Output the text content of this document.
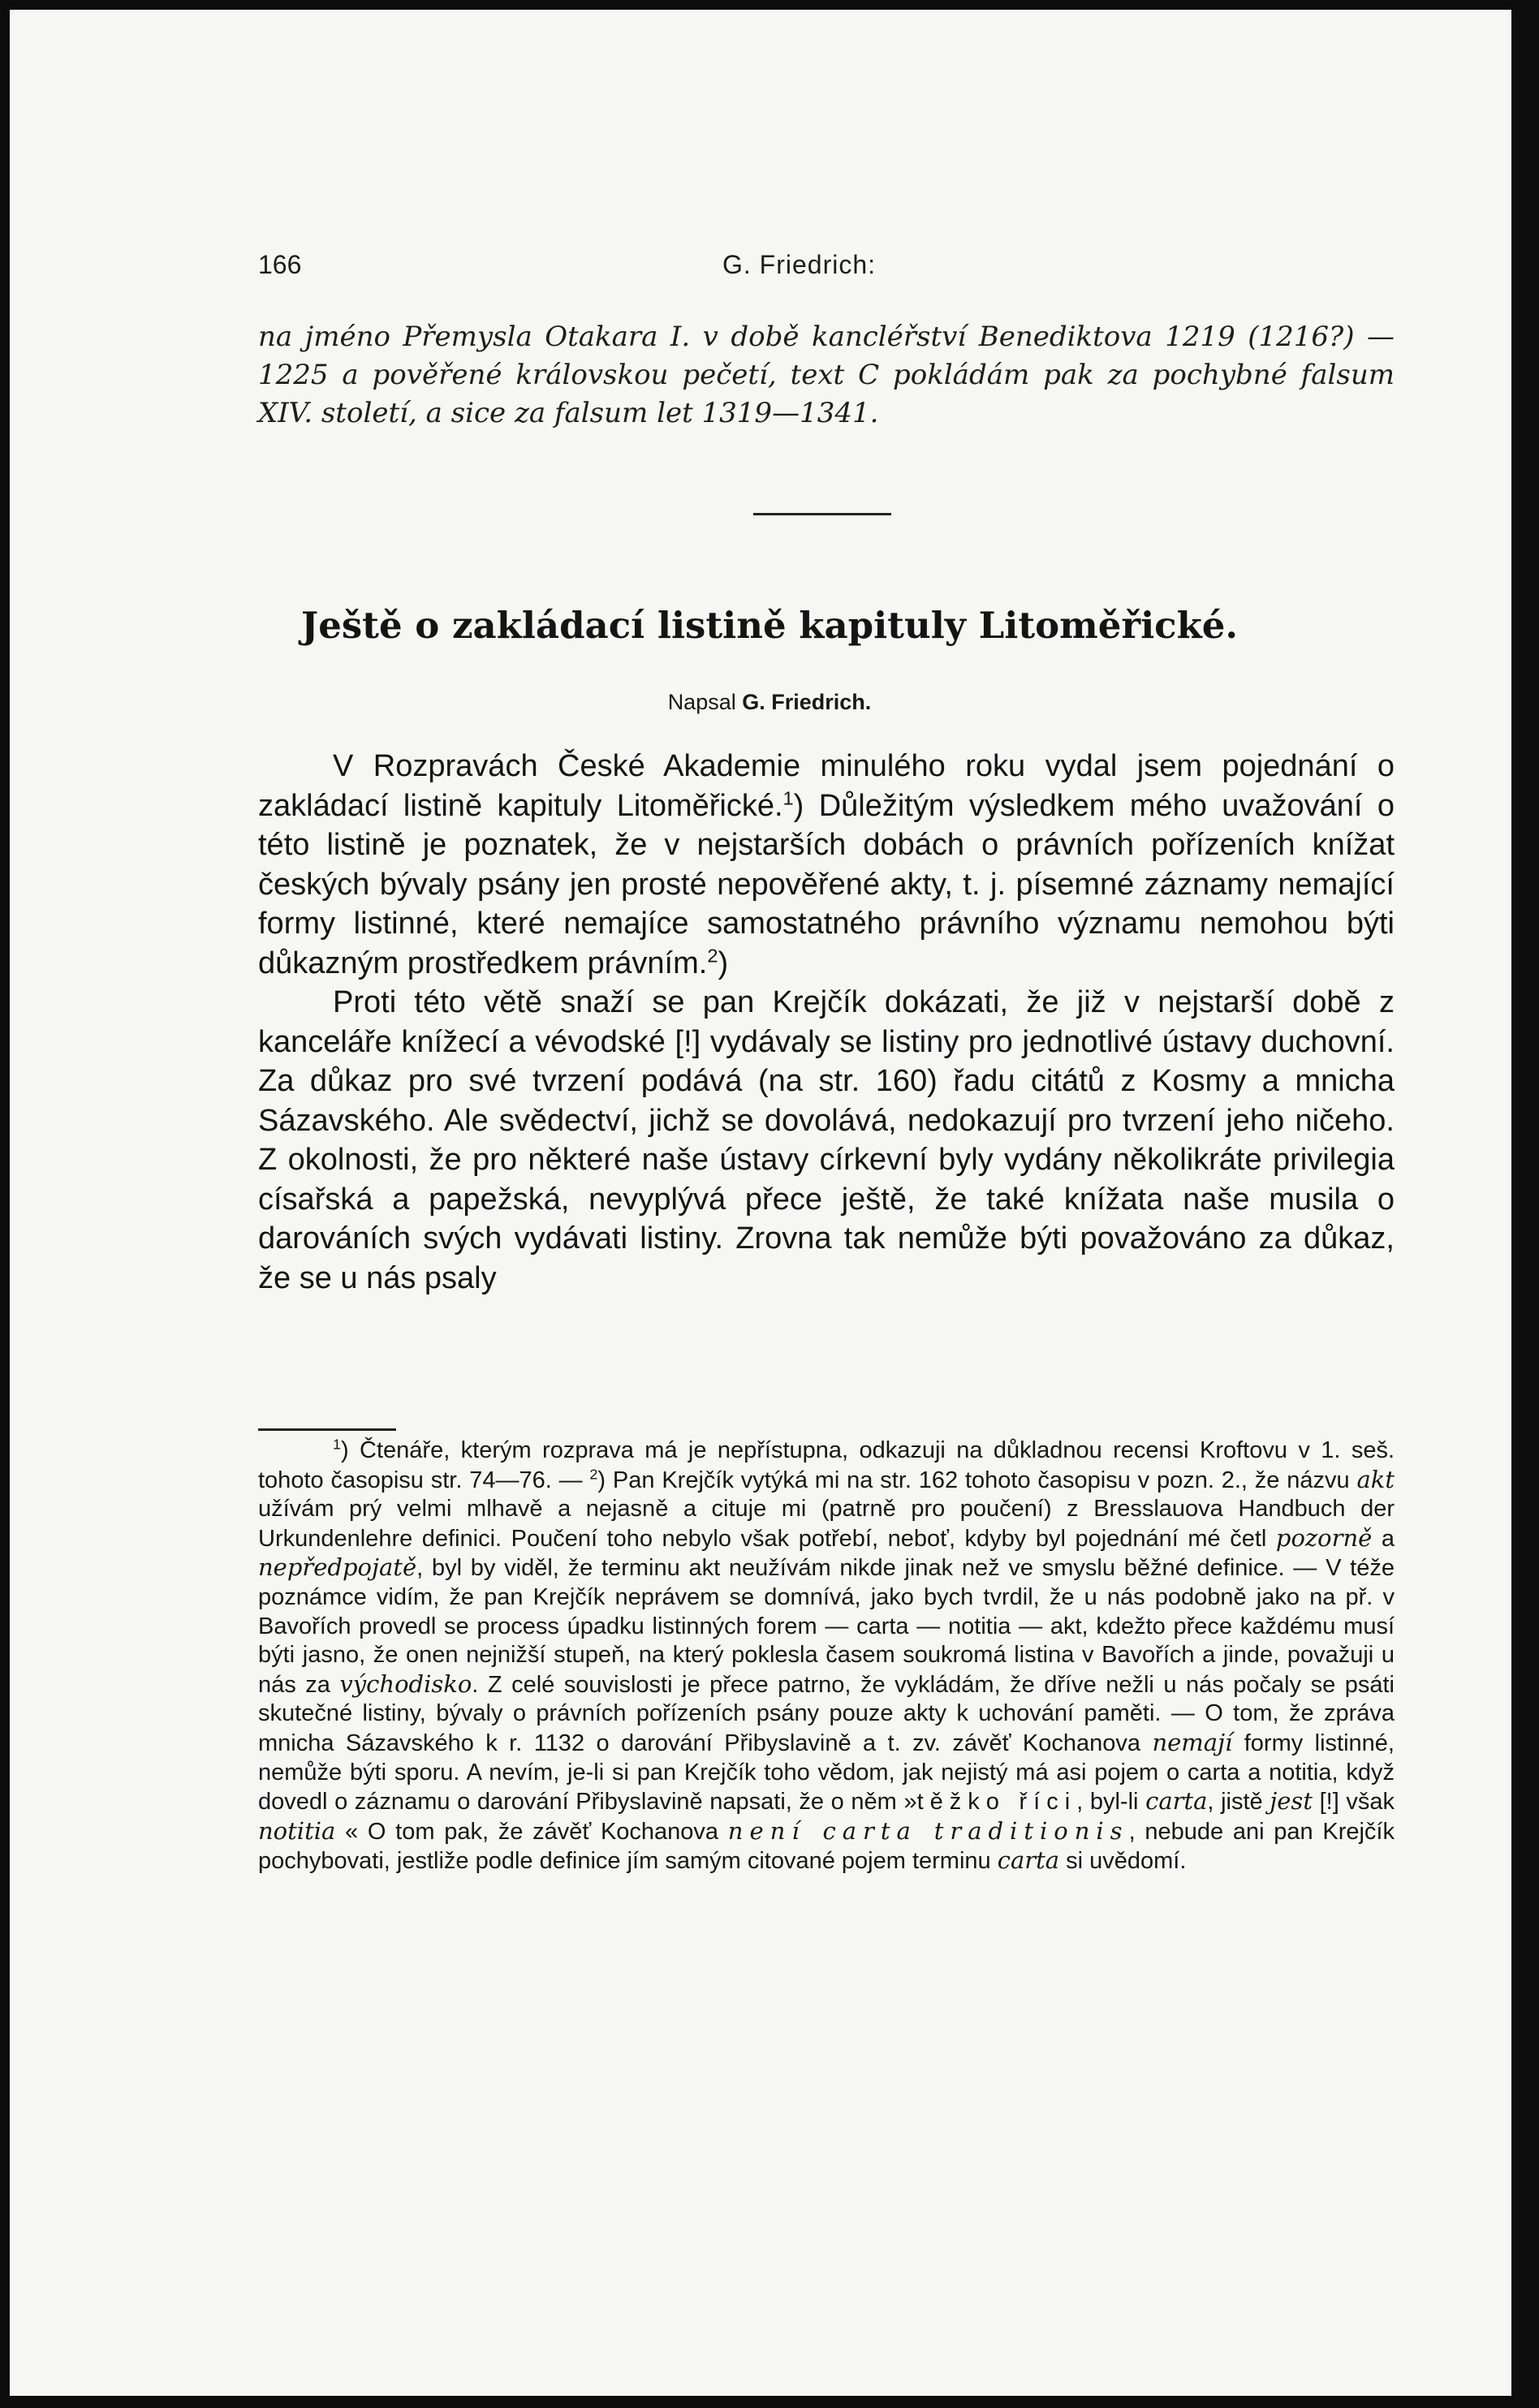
166	G. Friedrich:
na jméno Přemysla Otakara I. v době kancléřství Benediktova 1219 (1216?) — 1225 a pověřené královskou pečetí, text C pokládám pak za pochybné falsum XIV. století, a sice za falsum let 1319—1341.
Ještě o zakládací listině kapituly Litoměřické.
Napsal G. Friedrich.

V Rozpravách České Akademie minulého roku vydal jsem pojednání o zakládací listině kapituly Litoměřické.$^1$) Důležitým výsledkem mého uvažování o této listině je poznatek, že v nejstarších dobách o právních pořízeních knížat českých bývaly psány jen prosté nepověřené akty, t. j. písemné záznamy nemající formy listinné, které nemajíce samostatného právního významu nemohou býti důkazným prostředkem právním.$^2$)

Proti této větě snaží se pan Krejčík dokázati, že již v nejstarší době z kanceláře knížecí a vévodské [!] vydávaly se listiny pro jednotlivé ústavy duchovní. Za důkaz pro své tvrzení podává (na str. 160) řadu citátů z Kosmy a mnicha Sázavského. Ale svědectví, jichž se dovolává, nedokazují pro tvrzení jeho ničeho. Z okolnosti, že pro některé naše ústavy církevní byly vydány několikráte privilegia císařská a papežská, nevyplývá přece ještě, že také knížata naše musila o darováních svých vydávati listiny. Zrovna tak nemůže býti považováno za důkaz, že se u nás psaly

$^1$) Čtenáře, kterým rozprava má je nepřístupna, odkazuji na důkladnou recensi Kroftovu v 1. seš. tohoto časopisu str. 74—76. — $^2$) Pan Krejčík vytýká mi na str. 162 tohoto časopisu v pozn. 2., že názvu akt užívám prý velmi mlhavě a nejasně a cituje mi (patrně pro poučení) z Bresslauova Handbuch der Urkundenlehre definici. Poučení toho nebylo však potřebí, neboť, kdyby byl pojednání mé četl pozorně a nepředpojatě, byl by viděl, že terminu akt neužívám nikde jinak než ve smyslu běžné definice. — V téže poznámce vidím, že pan Krejčík neprávem se domnívá, jako bych tvrdil, že u nás podobně jako na př. v Bavořích provedl se process úpadku listinných forem — carta — notitia — akt, kdežto přece každému musí býti jasno, že onen nejnižší stupeň, na který poklesla časem soukromá listina v Bavořích a jinde, považuji u nás za východisko. Z celé souvislosti je přece patrno, že vykládám, že dříve nežli u nás počaly se psáti skutečné listiny, bývaly o právních pořízeních psány pouze akty k uchování paměti. — O tom, že zpráva mnicha Sázavského k r. 1132 o darování Přibyslavině a t. zv. závěť Kochanova nemají formy listinné, nemůže býti sporu. A nevím, je-li si pan Krejčík toho vědom, jak nejistý má asi pojem o carta a notitia, když dovedl o záznamu o darování Přibyslavině napsati, že o něm »těžko říci, byl-li carta, jistě jest [!] však notitia « O tom pak, že závěť Kochanova není carta traditionis, nebude ani pan Krejčík pochybovati, jestliže podle definice jím samým citované pojem terminu carta si uvědomí.
